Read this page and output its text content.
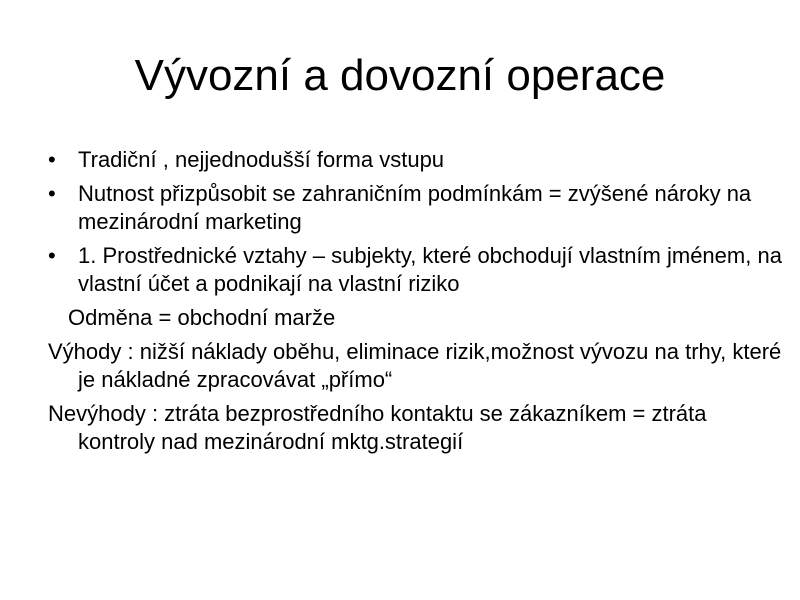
Vývozní a dovozní operace
• Tradiční , nejjednodušší forma vstupu
• Nutnost přizpůsobit se zahraničním podmínkám = zvýšené nároky na mezinárodní marketing
• 1. Prostřednické vztahy – subjekty, které obchodují vlastním jménem, na vlastní účet a podnikají na vlastní riziko
Odměna = obchodní marže
Výhody : nižší náklady oběhu, eliminace rizik,možnost vývozu na trhy, které je nákladné zpracovávat „přímo“
Nevýhody : ztráta bezprostředního kontaktu se zákazníkem = ztráta kontroly nad mezinárodní mktg.strategií
